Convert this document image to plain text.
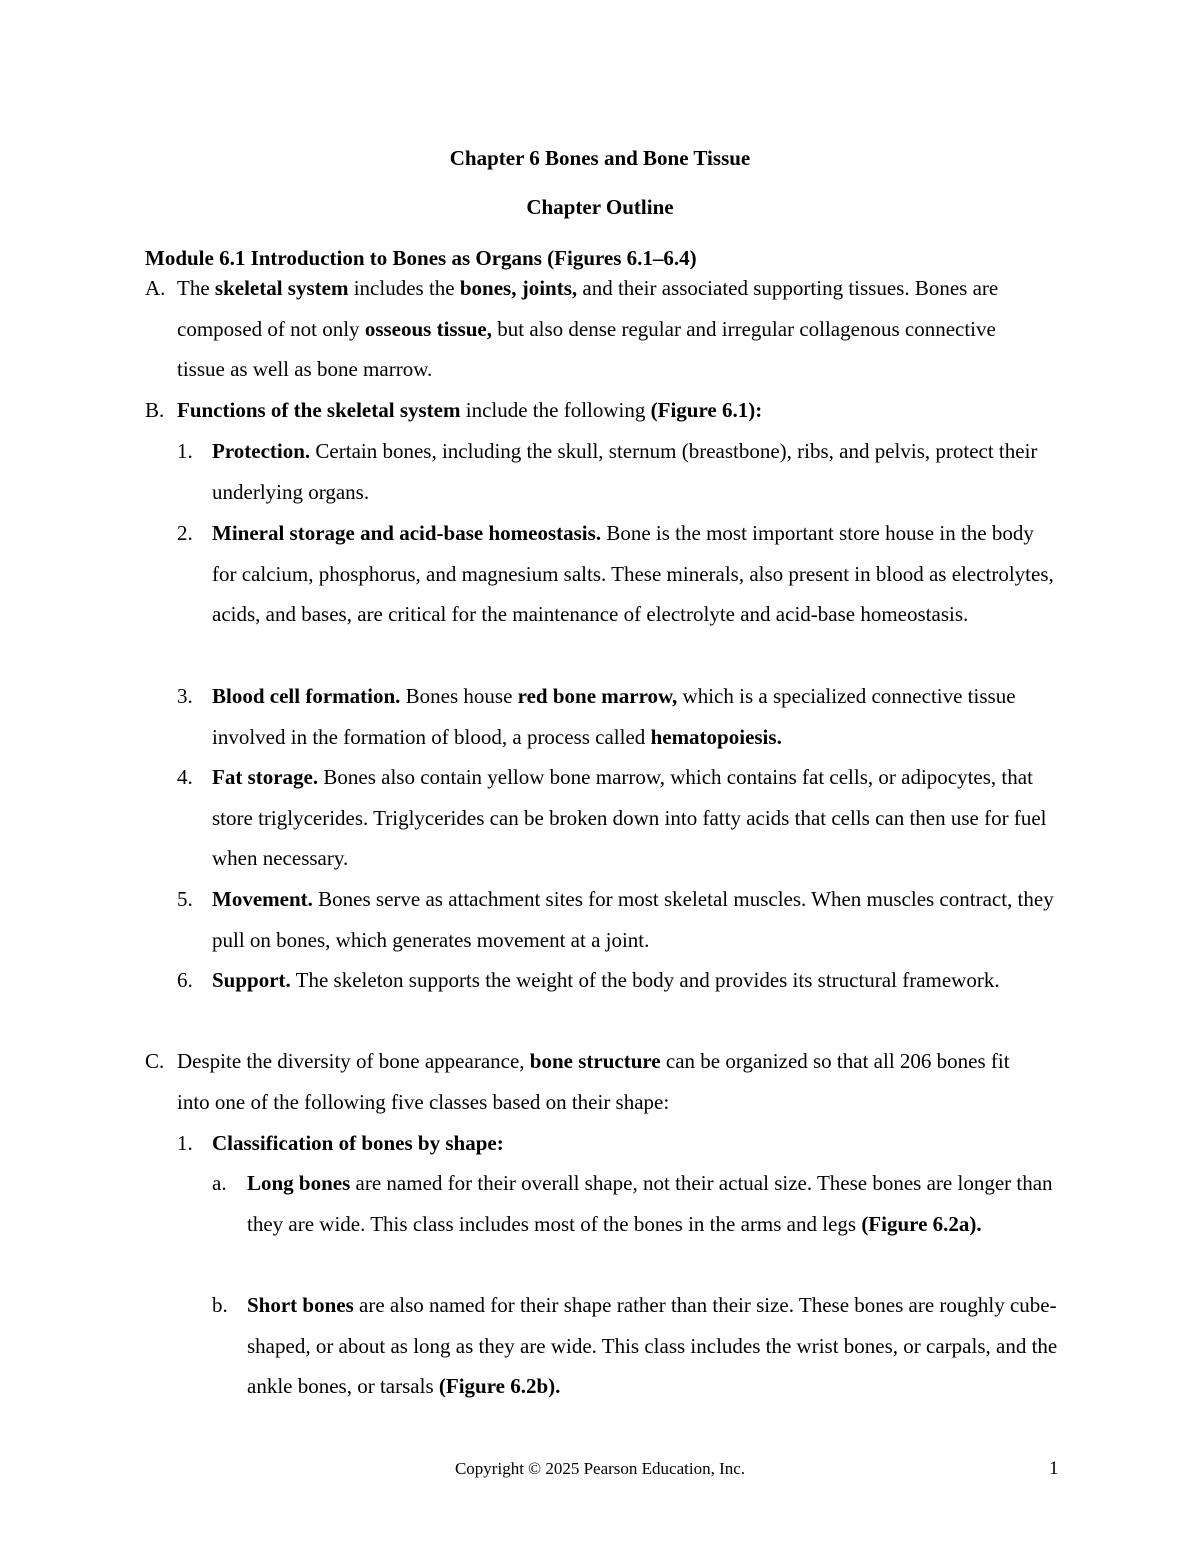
Chapter 6 Bones and Bone Tissue
Chapter Outline
Module 6.1 Introduction to Bones as Organs (Figures 6.1–6.4)
A. The skeletal system includes the bones, joints, and their associated supporting tissues. Bones are composed of not only osseous tissue, but also dense regular and irregular collagenous connective tissue as well as bone marrow.

B. Functions of the skeletal system include the following (Figure 6.1):

1. Protection. Certain bones, including the skull, sternum (breastbone), ribs, and pelvis, protect their underlying organs.

2. Mineral storage and acid-base homeostasis. Bone is the most important store house in the body for calcium, phosphorus, and magnesium salts. These minerals, also present in blood as electrolytes, acids, and bases, are critical for the maintenance of electrolyte and acid-base homeostasis.

3. Blood cell formation. Bones house red bone marrow, which is a specialized connective tissue involved in the formation of blood, a process called hematopoiesis.

4. Fat storage. Bones also contain yellow bone marrow, which contains fat cells, or adipocytes, that store triglycerides. Triglycerides can be broken down into fatty acids that cells can then use for fuel when necessary.

5. Movement. Bones serve as attachment sites for most skeletal muscles. When muscles contract, they pull on bones, which generates movement at a joint.

6. Support. The skeleton supports the weight of the body and provides its structural framework.

C. Despite the diversity of bone appearance, bone structure can be organized so that all 206 bones fit into one of the following five classes based on their shape:

1. Classification of bones by shape:

a. Long bones are named for their overall shape, not their actual size. These bones are longer than they are wide. This class includes most of the bones in the arms and legs (Figure 6.2a).

b. Short bones are also named for their shape rather than their size. These bones are roughly cube-shaped, or about as long as they are wide. This class includes the wrist bones, or carpals, and the ankle bones, or tarsals (Figure 6.2b).

Copyright © 2025 Pearson Education, Inc.	1
